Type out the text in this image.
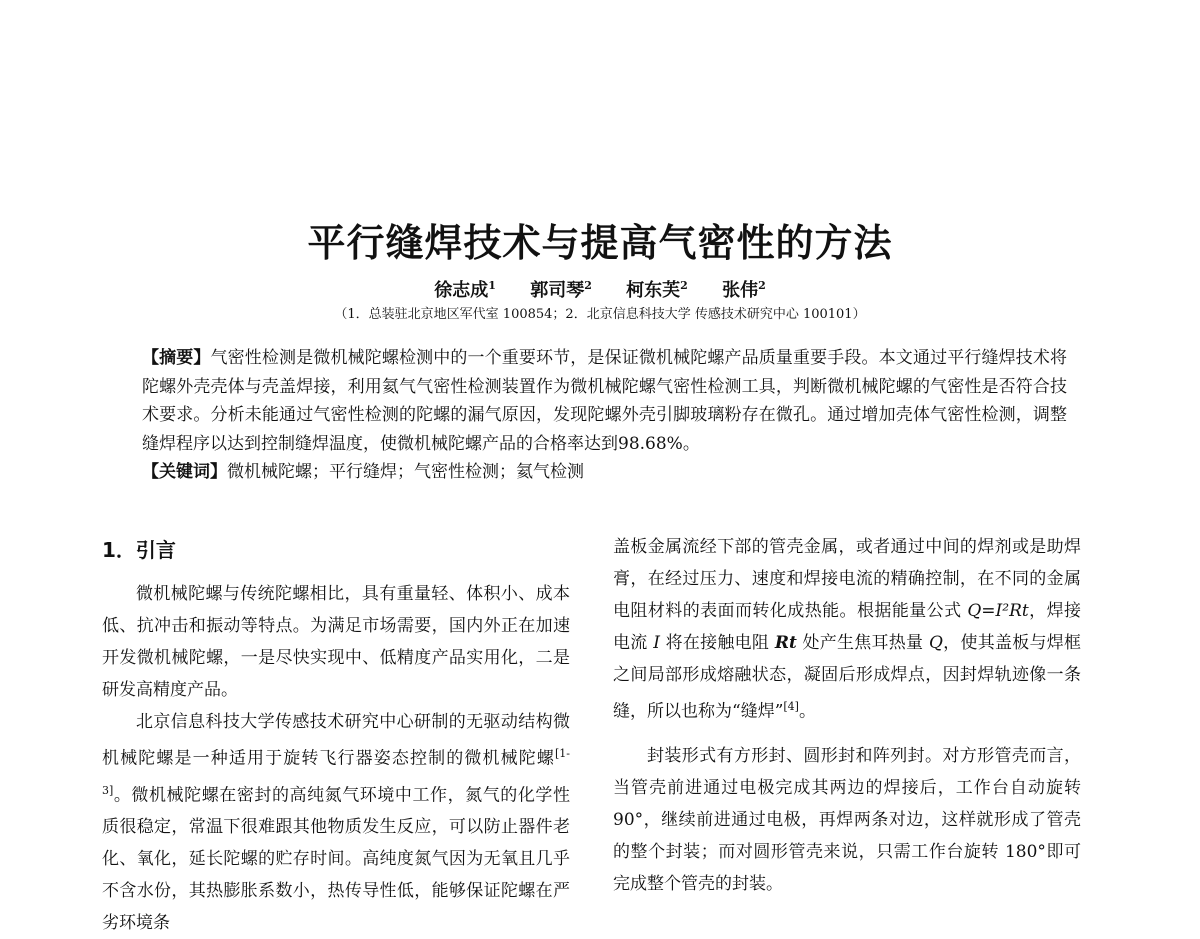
平行缝焊技术与提高气密性的方法
徐志成$^1$ 郭司琴$^2$ 柯东芙$^2$ 张伟$^2$
（1．总装驻北京地区军代室 100854；2．北京信息科技大学 传感技术研究中心 100101）

【摘要】气密性检测是微机械陀螺检测中的一个重要环节，是保证微机械陀螺产品质量重要手段。本文通过平行缝焊技术将陀螺外壳壳体与壳盖焊接，利用氦气气密性检测装置作为微机械陀螺气密性检测工具，判断微机械陀螺的气密性是否符合技术要求。分析未能通过气密性检测的陀螺的漏气原因，发现陀螺外壳引脚玻璃粉存在微孔。通过增加壳体气密性检测，调整缝焊程序以达到控制缝焊温度，使微机械陀螺产品的合格率达到98.68%。

【关键词】微机械陀螺；平行缝焊；气密性检测；氦气检测

1．引言

微机械陀螺与传统陀螺相比，具有重量轻、体积小、成本低、抗冲击和振动等特点。为满足市场需要，国内外正在加速开发微机械陀螺，一是尽快实现中、低精度产品实用化，二是研发高精度产品。

北京信息科技大学传感技术研究中心研制的无驱动结构微机械陀螺是一种适用于旋转飞行器姿态控制的微机械陀螺[1-3]。微机械陀螺在密封的高纯氮气环境中工作，氮气的化学性质很稳定，常温下很难跟其他物质发生反应，可以防止器件老化、氧化，延长陀螺的贮存时间。高纯度氮气因为无氧且几乎不含水份，其热膨胀系数小，热传导性低，能够保证陀螺在严劣环境条

盖板金属流经下部的管壳金属，或者通过中间的焊剂或是助焊膏，在经过压力、速度和焊接电流的精确控制，在不同的金属电阻材料的表面而转化成热能。根据能量公式 Q=I²Rt，焊接电流 I 将在接触电阻 Rt 处产生焦耳热量 Q，使其盖板与焊框之间局部形成熔融状态，凝固后形成焊点，因封焊轨迹像一条缝，所以也称为“缝焊”[4]。

封装形式有方形封、圆形封和阵列封。对方形管壳而言，当管壳前进通过电极完成其两边的焊接后，工作台自动旋转 90°，继续前进通过电极，再焊两条对边，这样就形成了管壳的整个封装；而对圆形管壳来说，只需工作台旋转 180°即可完成整个管壳的封装。
